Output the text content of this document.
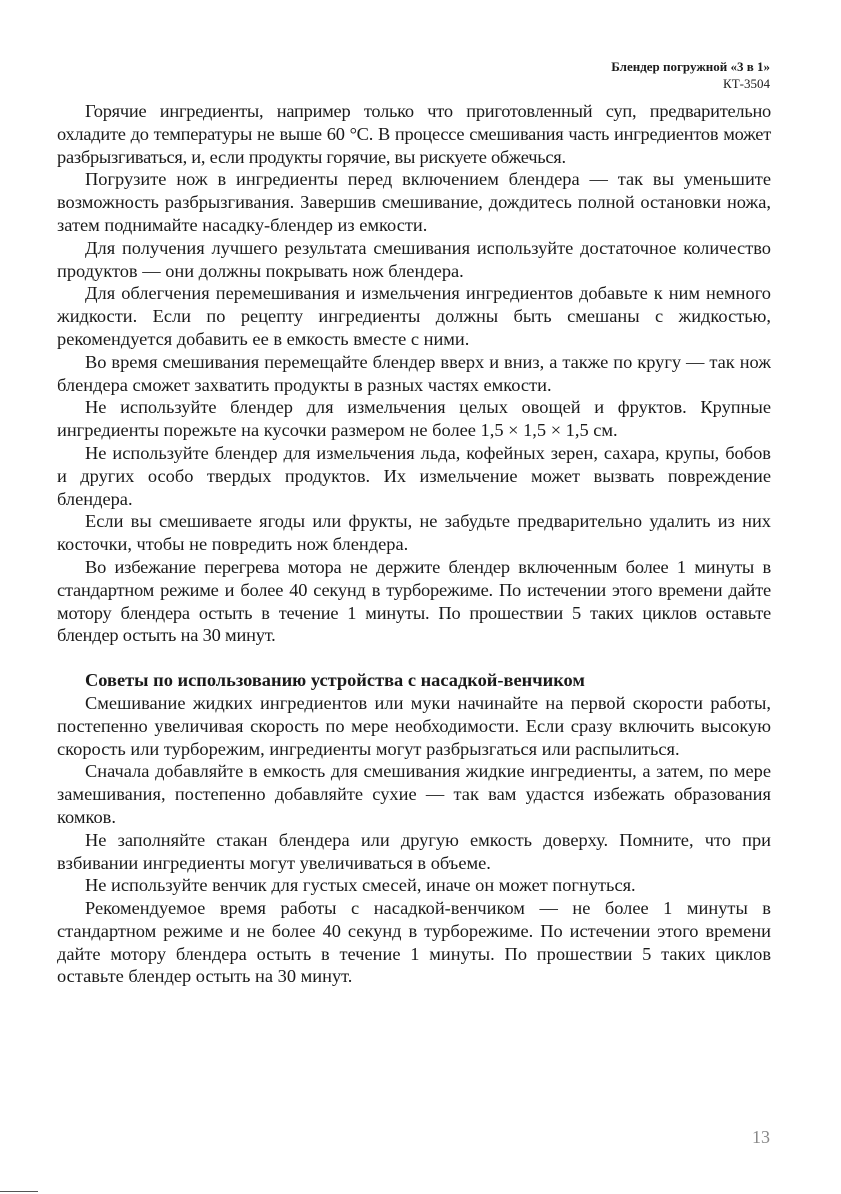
Блендер погружной «3 в 1»
КТ-3504

Горячие ингредиенты, например только что приготовленный суп, предварительно охладите до температуры не выше 60 °С. В процессе смешивания часть ингредиентов может разбрызгиваться, и, если продукты горячие, вы рискуете обжечься.

Погрузите нож в ингредиенты перед включением блендера — так вы уменьшите возможность разбрызгивания. Завершив смешивание, дождитесь полной остановки ножа, затем поднимайте насадку-блендер из емкости.

Для получения лучшего результата смешивания используйте достаточное количество продуктов — они должны покрывать нож блендера.

Для облегчения перемешивания и измельчения ингредиентов добавьте к ним немного жидкости. Если по рецепту ингредиенты должны быть смешаны с жидкостью, рекомендуется добавить ее в емкость вместе с ними.

Во время смешивания перемещайте блендер вверх и вниз, а также по кругу — так нож блендера сможет захватить продукты в разных частях емкости.

Не используйте блендер для измельчения целых овощей и фруктов. Крупные ингредиенты порежьте на кусочки размером не более 1,5 × 1,5 × 1,5 см.

Не используйте блендер для измельчения льда, кофейных зерен, сахара, крупы, бобов и других особо твердых продуктов. Их измельчение может вызвать повреждение блендера.

Если вы смешиваете ягоды или фрукты, не забудьте предварительно удалить из них косточки, чтобы не повредить нож блендера.

Во избежание перегрева мотора не держите блендер включенным более 1 минуты в стандартном режиме и более 40 секунд в турборежиме. По истечении этого времени дайте мотору блендера остыть в течение 1 минуты. По прошествии 5 таких циклов оставьте блендер остыть на 30 минут.

Советы по использованию устройства с насадкой-венчиком

Смешивание жидких ингредиентов или муки начинайте на первой скорости работы, постепенно увеличивая скорость по мере необходимости. Если сразу включить высокую скорость или турборежим, ингредиенты могут разбрызгаться или распылиться.

Сначала добавляйте в емкость для смешивания жидкие ингредиенты, а затем, по мере замешивания, постепенно добавляйте сухие — так вам удастся избежать образования комков.

Не заполняйте стакан блендера или другую емкость доверху. Помните, что при взбивании ингредиенты могут увеличиваться в объеме.

Не используйте венчик для густых смесей, иначе он может погнуться.

Рекомендуемое время работы с насадкой-венчиком — не более 1 минуты в стандартном режиме и не более 40 секунд в турборежиме. По истечении этого времени дайте мотору блендера остыть в течение 1 минуты. По прошествии 5 таких циклов оставьте блендер остыть на 30 минут.

13
